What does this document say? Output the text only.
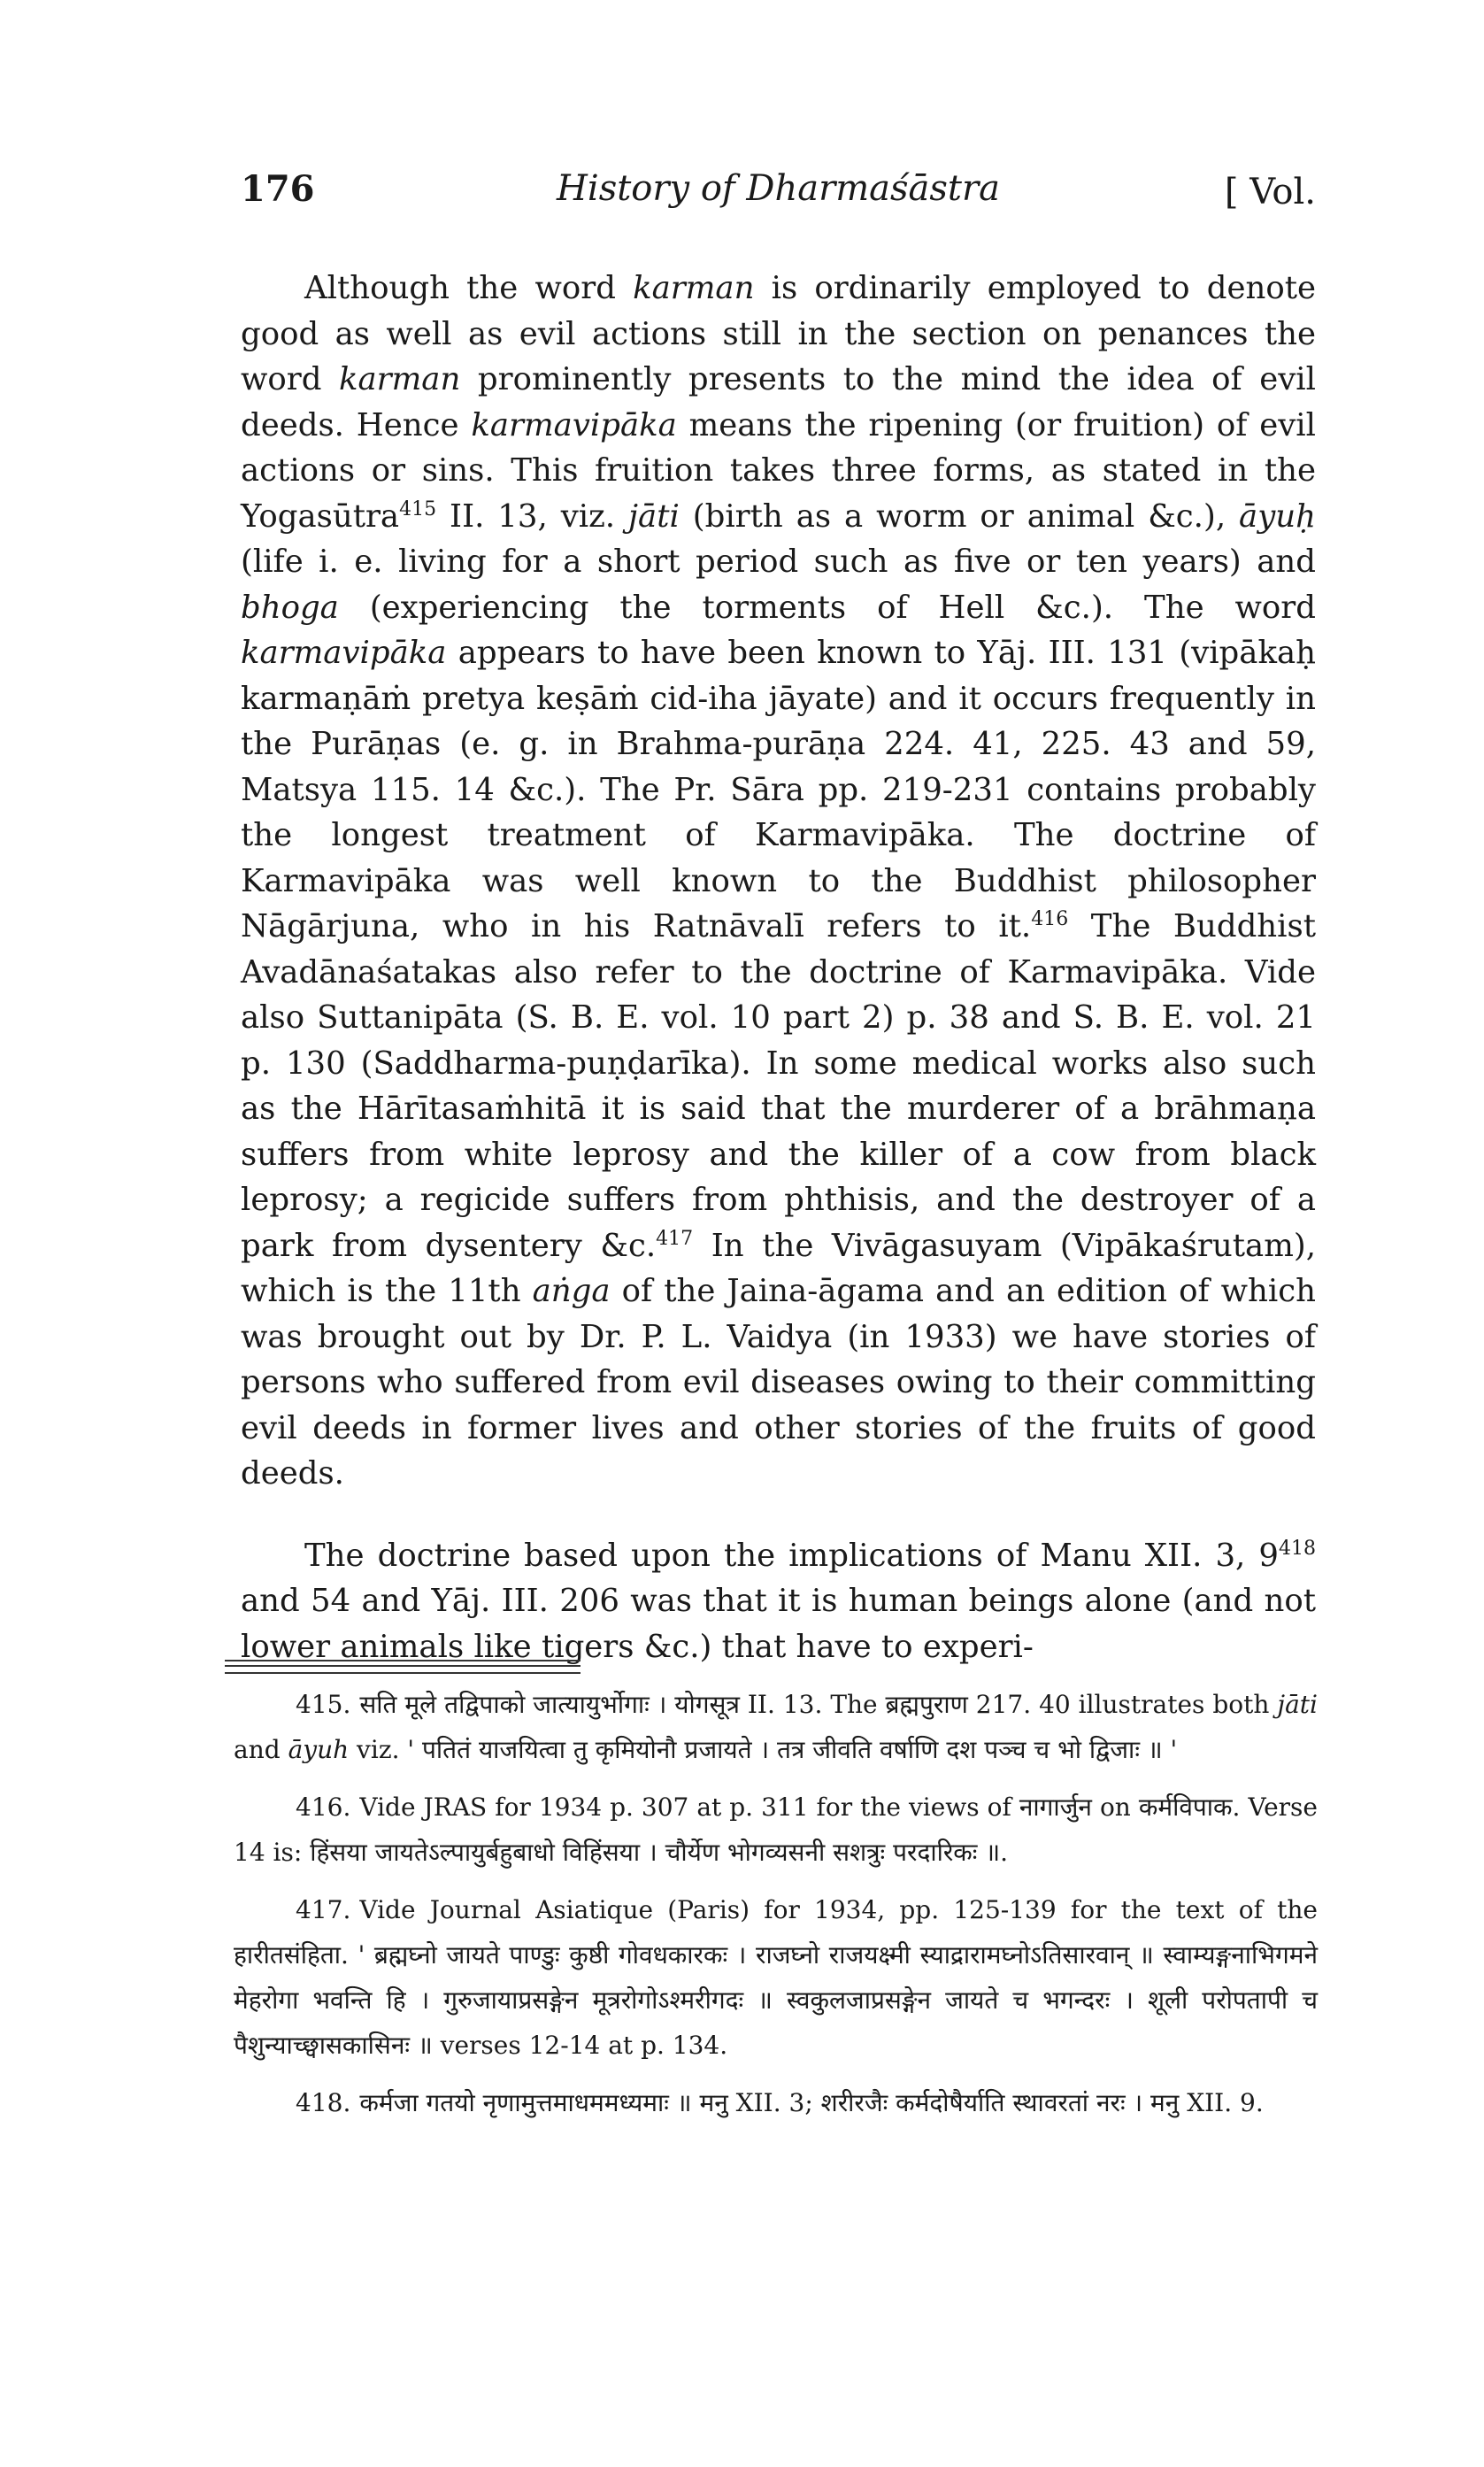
176	History of Dharmaśāstra	[ Vol.

Although the word karman is ordinarily employed to denote good as well as evil actions still in the section on penances the word karman prominently presents to the mind the idea of evil deeds. Hence karmavipāka means the ripening (or fruition) of evil actions or sins. This fruition takes three forms, as stated in the Yogasūtra$^{415}$ II. 13, viz. jāti (birth as a worm or animal &c.), āyuḥ (life i. e. living for a short period such as five or ten years) and bhoga (experiencing the torments of Hell &c.). The word karmavipāka appears to have been known to Yāj. III. 131 (vipākaḥ karmaṇāṁ pretya keṣāṁ cid-iha jāyate) and it occurs frequently in the Purāṇas (e. g. in Brahma-purāṇa 224. 41, 225. 43 and 59, Matsya 115. 14 &c.). The Pr. Sāra pp. 219-231 contains probably the longest treatment of Karmavipāka. The doctrine of Karmavipāka was well known to the Buddhist philosopher Nāgārjuna, who in his Ratnāvalī refers to it.$^{416}$ The Buddhist Avadānaśatakas also refer to the doctrine of Karmavipāka. Vide also Suttanipāta (S. B. E. vol. 10 part 2) p. 38 and S. B. E. vol. 21 p. 130 (Saddharma-puṇḍarīka). In some medical works also such as the Hārītasaṁhitā it is said that the murderer of a brāhmaṇa suffers from white leprosy and the killer of a cow from black leprosy; a regicide suffers from phthisis, and the destroyer of a park from dysentery &c.$^{417}$ In the Vivāgasuyam (Vipākaśrutam), which is the 11th aṅga of the Jaina-āgama and an edition of which was brought out by Dr. P. L. Vaidya (in 1933) we have stories of persons who suffered from evil diseases owing to their committing evil deeds in former lives and other stories of the fruits of good deeds.

The doctrine based upon the implications of Manu XII. 3, $9^{418}$ and 54 and Yāj. III. 206 was that it is human beings alone (and not lower animals like tigers &c.) that have to experi-

415. सति मूले तद्विपाको जात्यायुर्भोगाः । योगसूत्र II. 13. The ब्रह्मपुराण 217. 40 illustrates both jāti and āyuh viz. ' पतितं याजयित्वा तु कृमियोनौ प्रजायते । तत्र जीवति वर्षाणि दश पञ्च च भो द्विजाः ॥ '

416. Vide JRAS for 1934 p. 307 at p. 311 for the views of नागार्जुन on कर्मविपाक. Verse 14 is: हिंसया जायतेऽल्पायुर्बहुबाधो विहिंसया । चौर्येण भोगव्यसनी सशत्रुः परदारिकः ॥.

417. Vide Journal Asiatique (Paris) for 1934, pp. 125-139 for the text of the हारीतसंहिता. ' ब्रह्मघ्नो जायते पाण्डुः कुष्ठी गोवधकारकः । राजघ्नो राजयक्ष्मी स्याद्रारामघ्नोऽतिसारवान् ॥ स्वाम्यङ्गनाभिगमने मेहरोगा भवन्ति हि । गुरुजायाप्रसङ्गेन मूत्ररोगोऽश्मरीगदः ॥ स्वकुलजाप्रसङ्गेन जायते च भगन्दरः । शूली परोपतापी च पैशुन्याच्छ्वासकासिनः ॥ verses 12-14 at p. 134.

418. कर्मजा गतयो नृणामुत्तमाधममध्यमाः ॥ मनु XII. 3; शरीरजैः कर्मदोषैर्याति स्थावरतां नरः । मनु XII. 9.
